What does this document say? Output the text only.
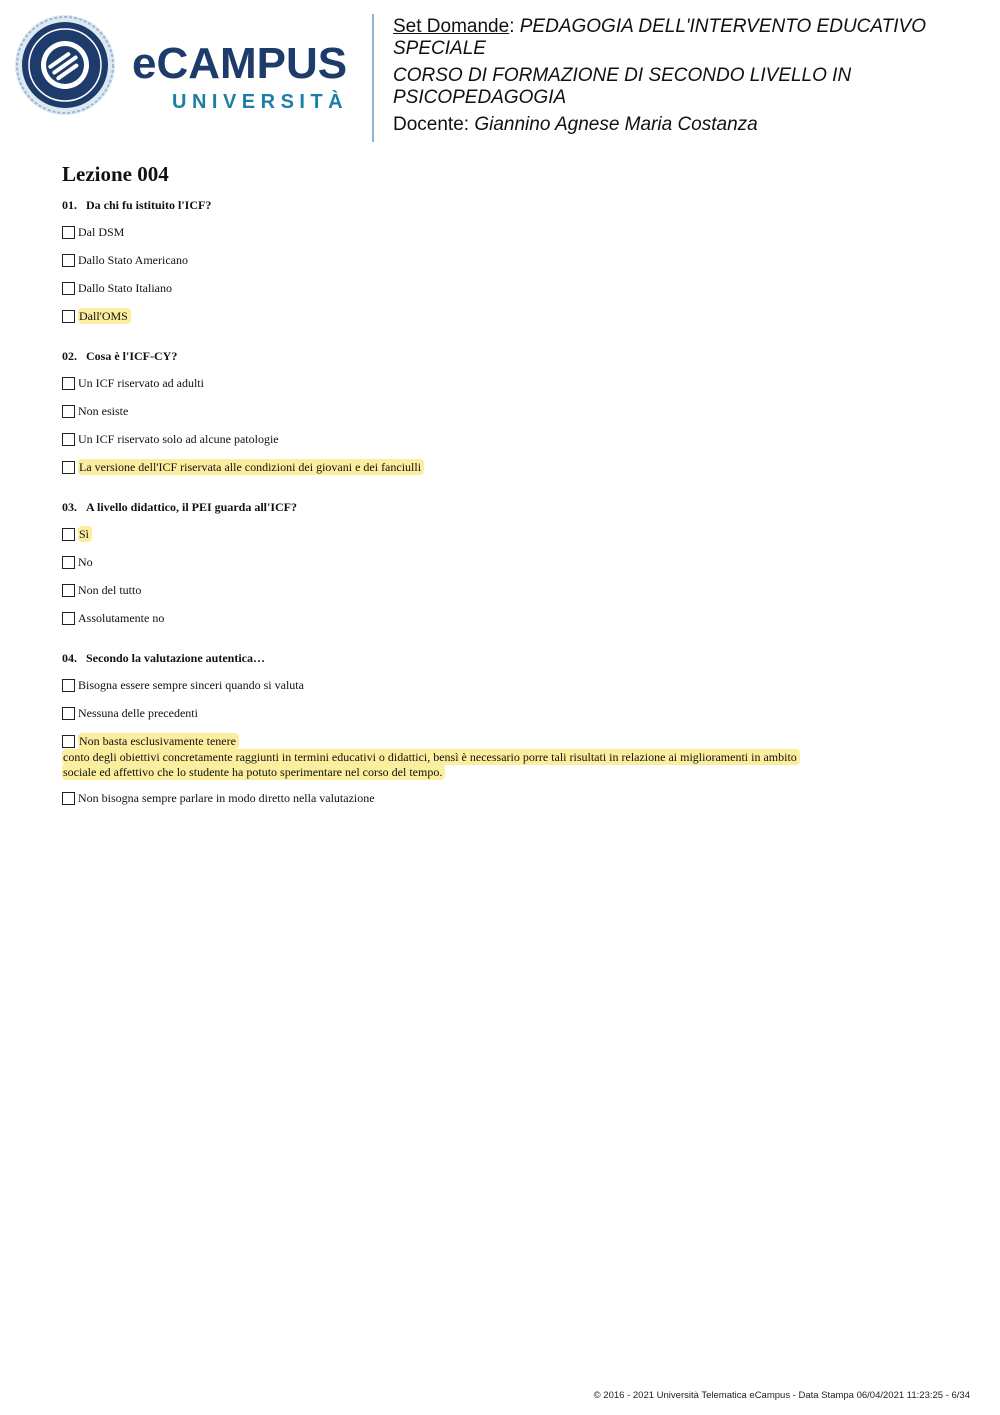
eCAMPUS
UNIVERSITÀ

Set Domande: PEDAGOGIA DELL'INTERVENTO EDUCATIVO SPECIALE

CORSO DI FORMAZIONE DI SECONDO LIVELLO IN PSICOPEDAGOGIA

Docente: Giannino Agnese Maria Costanza

Lezione 004
01. Da chi fu istituito l'ICF?
Dal DSM
Dallo Stato Americano
Dallo Stato Italiano
Dall'OMS
02. Cosa è l'ICF-CY?
Un ICF riservato ad adulti
Non esiste
Un ICF riservato solo ad alcune patologie
La versione dell'ICF riservata alle condizioni dei giovani e dei fanciulli
03. A livello didattico, il PEI guarda all'ICF?
Sì
No
Non del tutto
Assolutamente no
04. Secondo la valutazione autentica…
Bisogna essere sempre sinceri quando si valuta
Nessuna delle precedenti
Non basta esclusivamente tenere
conto degli obiettivi concretamente raggiunti in termini educativi o didattici, bensì è necessario porre tali risultati in relazione ai miglioramenti in ambito sociale ed affettivo che lo studente ha potuto sperimentare nel corso del tempo.
Non bisogna sempre parlare in modo diretto nella valutazione
© 2016 - 2021 Università Telematica eCampus - Data Stampa 06/04/2021 11:23:25 - 6/34
